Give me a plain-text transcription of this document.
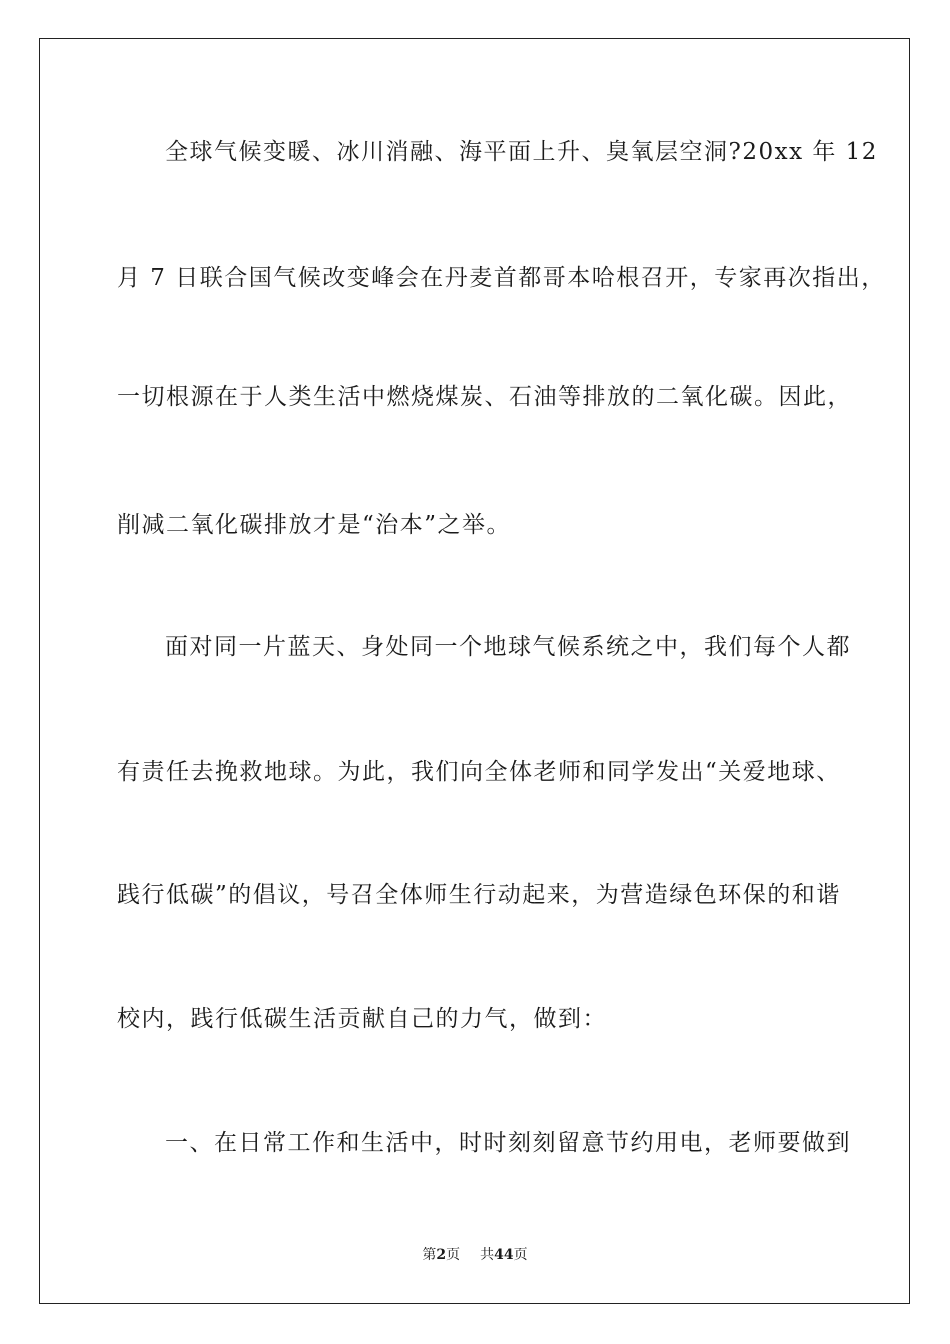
全球气候变暖、冰川消融、海平面上升、臭氧层空洞?20xx 年 12
月 7 日联合国气候改变峰会在丹麦首都哥本哈根召开，专家再次指出，
一切根源在于人类生活中燃烧煤炭、石油等排放的二氧化碳。因此，
削减二氧化碳排放才是“治本”之举。
面对同一片蓝天、身处同一个地球气候系统之中，我们每个人都
有责任去挽救地球。为此，我们向全体老师和同学发出“关爱地球、
践行低碳”的倡议，号召全体师生行动起来，为营造绿色环保的和谐
校内，践行低碳生活贡献自己的力气，做到：
一、在日常工作和生活中，时时刻刻留意节约用电，老师要做到
第2页 共44页
